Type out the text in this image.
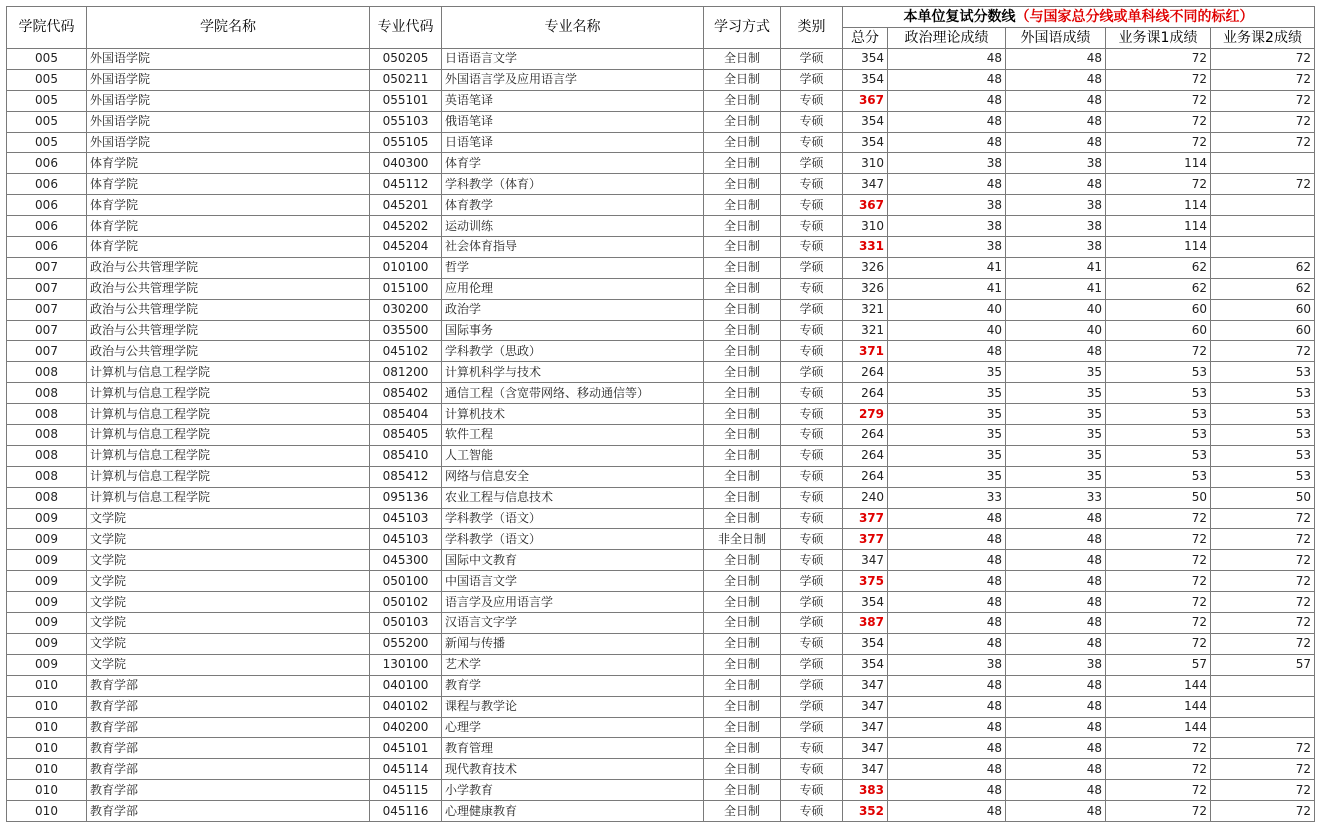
学院代码	学院名称	专业代码	专业名称	学习方式	类别	本单位复试分数线（与国家总分线或单科线不同的标红）				
						总分	政治理论成绩	外国语成绩	业务课1成绩	业务课2成绩
005	外国语学院	050205	日语语言文学	全日制	学硕	354	48	48	72	72
005	外国语学院	050211	外国语言学及应用语言学	全日制	学硕	354	48	48	72	72
005	外国语学院	055101	英语笔译	全日制	专硕	367	48	48	72	72
005	外国语学院	055103	俄语笔译	全日制	专硕	354	48	48	72	72
005	外国语学院	055105	日语笔译	全日制	专硕	354	48	48	72	72
006	体育学院	040300	体育学	全日制	学硕	310	38	38	114	
006	体育学院	045112	学科教学（体育）	全日制	专硕	347	48	48	72	72
006	体育学院	045201	体育教学	全日制	专硕	367	38	38	114	
006	体育学院	045202	运动训练	全日制	专硕	310	38	38	114	
006	体育学院	045204	社会体育指导	全日制	专硕	331	38	38	114	
007	政治与公共管理学院	010100	哲学	全日制	学硕	326	41	41	62	62
007	政治与公共管理学院	015100	应用伦理	全日制	专硕	326	41	41	62	62
007	政治与公共管理学院	030200	政治学	全日制	学硕	321	40	40	60	60
007	政治与公共管理学院	035500	国际事务	全日制	专硕	321	40	40	60	60
007	政治与公共管理学院	045102	学科教学（思政）	全日制	专硕	371	48	48	72	72
008	计算机与信息工程学院	081200	计算机科学与技术	全日制	学硕	264	35	35	53	53
008	计算机与信息工程学院	085402	通信工程（含宽带网络、移动通信等）	全日制	专硕	264	35	35	53	53
008	计算机与信息工程学院	085404	计算机技术	全日制	专硕	279	35	35	53	53
008	计算机与信息工程学院	085405	软件工程	全日制	专硕	264	35	35	53	53
008	计算机与信息工程学院	085410	人工智能	全日制	专硕	264	35	35	53	53
008	计算机与信息工程学院	085412	网络与信息安全	全日制	专硕	264	35	35	53	53
008	计算机与信息工程学院	095136	农业工程与信息技术	全日制	专硕	240	33	33	50	50
009	文学院	045103	学科教学（语文）	全日制	专硕	377	48	48	72	72
009	文学院	045103	学科教学（语文）	非全日制	专硕	377	48	48	72	72
009	文学院	045300	国际中文教育	全日制	专硕	347	48	48	72	72
009	文学院	050100	中国语言文学	全日制	学硕	375	48	48	72	72
009	文学院	050102	语言学及应用语言学	全日制	学硕	354	48	48	72	72
009	文学院	050103	汉语言文字学	全日制	学硕	387	48	48	72	72
009	文学院	055200	新闻与传播	全日制	专硕	354	48	48	72	72
009	文学院	130100	艺术学	全日制	学硕	354	38	38	57	57
010	教育学部	040100	教育学	全日制	学硕	347	48	48	144	
010	教育学部	040102	课程与教学论	全日制	学硕	347	48	48	144	
010	教育学部	040200	心理学	全日制	学硕	347	48	48	144	
010	教育学部	045101	教育管理	全日制	专硕	347	48	48	72	72
010	教育学部	045114	现代教育技术	全日制	专硕	347	48	48	72	72
010	教育学部	045115	小学教育	全日制	专硕	383	48	48	72	72
010	教育学部	045116	心理健康教育	全日制	专硕	352	48	48	72	72
